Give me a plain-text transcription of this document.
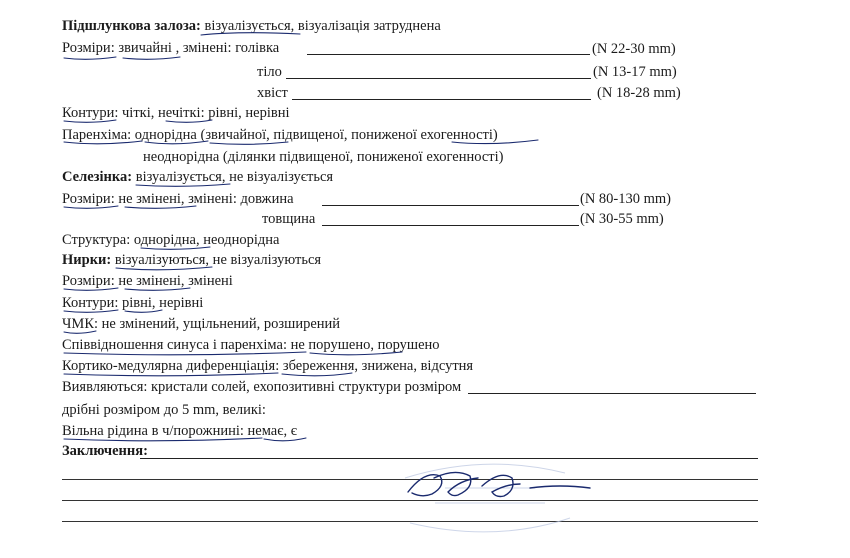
Підшлункова залоза: візуалізується, візуалізація затруднена
Розміри: звичайні , змінені: голівка	(N 22-30 mm)
тіло	(N 13-17 mm)
хвіст	(N 18-28 mm)
Контури: чіткі, нечіткі: рівні, нерівні
Паренхіма: однорідна (звичайної, підвищеної, пониженої ехогенності)
неоднорідна (ділянки підвищеної, пониженої ехогенності)
Селезінка: візуалізується, не візуалізується
Розміри: не змінені, змінені: довжина	(N 80-130 mm)
товщина	(N 30-55 mm)
Структура: однорідна, неоднорідна
Нирки: візуалізуються, не візуалізуються
Розміри: не змінені, змінені
Контури: рівні, нерівні
ЧМК: не змінений, ущільнений, розширений
Співвідношення синуса і паренхіма: не порушено, порушено
Кортико-медулярна диференціація: збереження, знижена, відсутня
Виявляються: кристали солей, ехопозитивні структури розміром
дрібні розміром до 5 mm, великі:
Вільна рідина в ч/порожнині: немає, є
Заключення:
